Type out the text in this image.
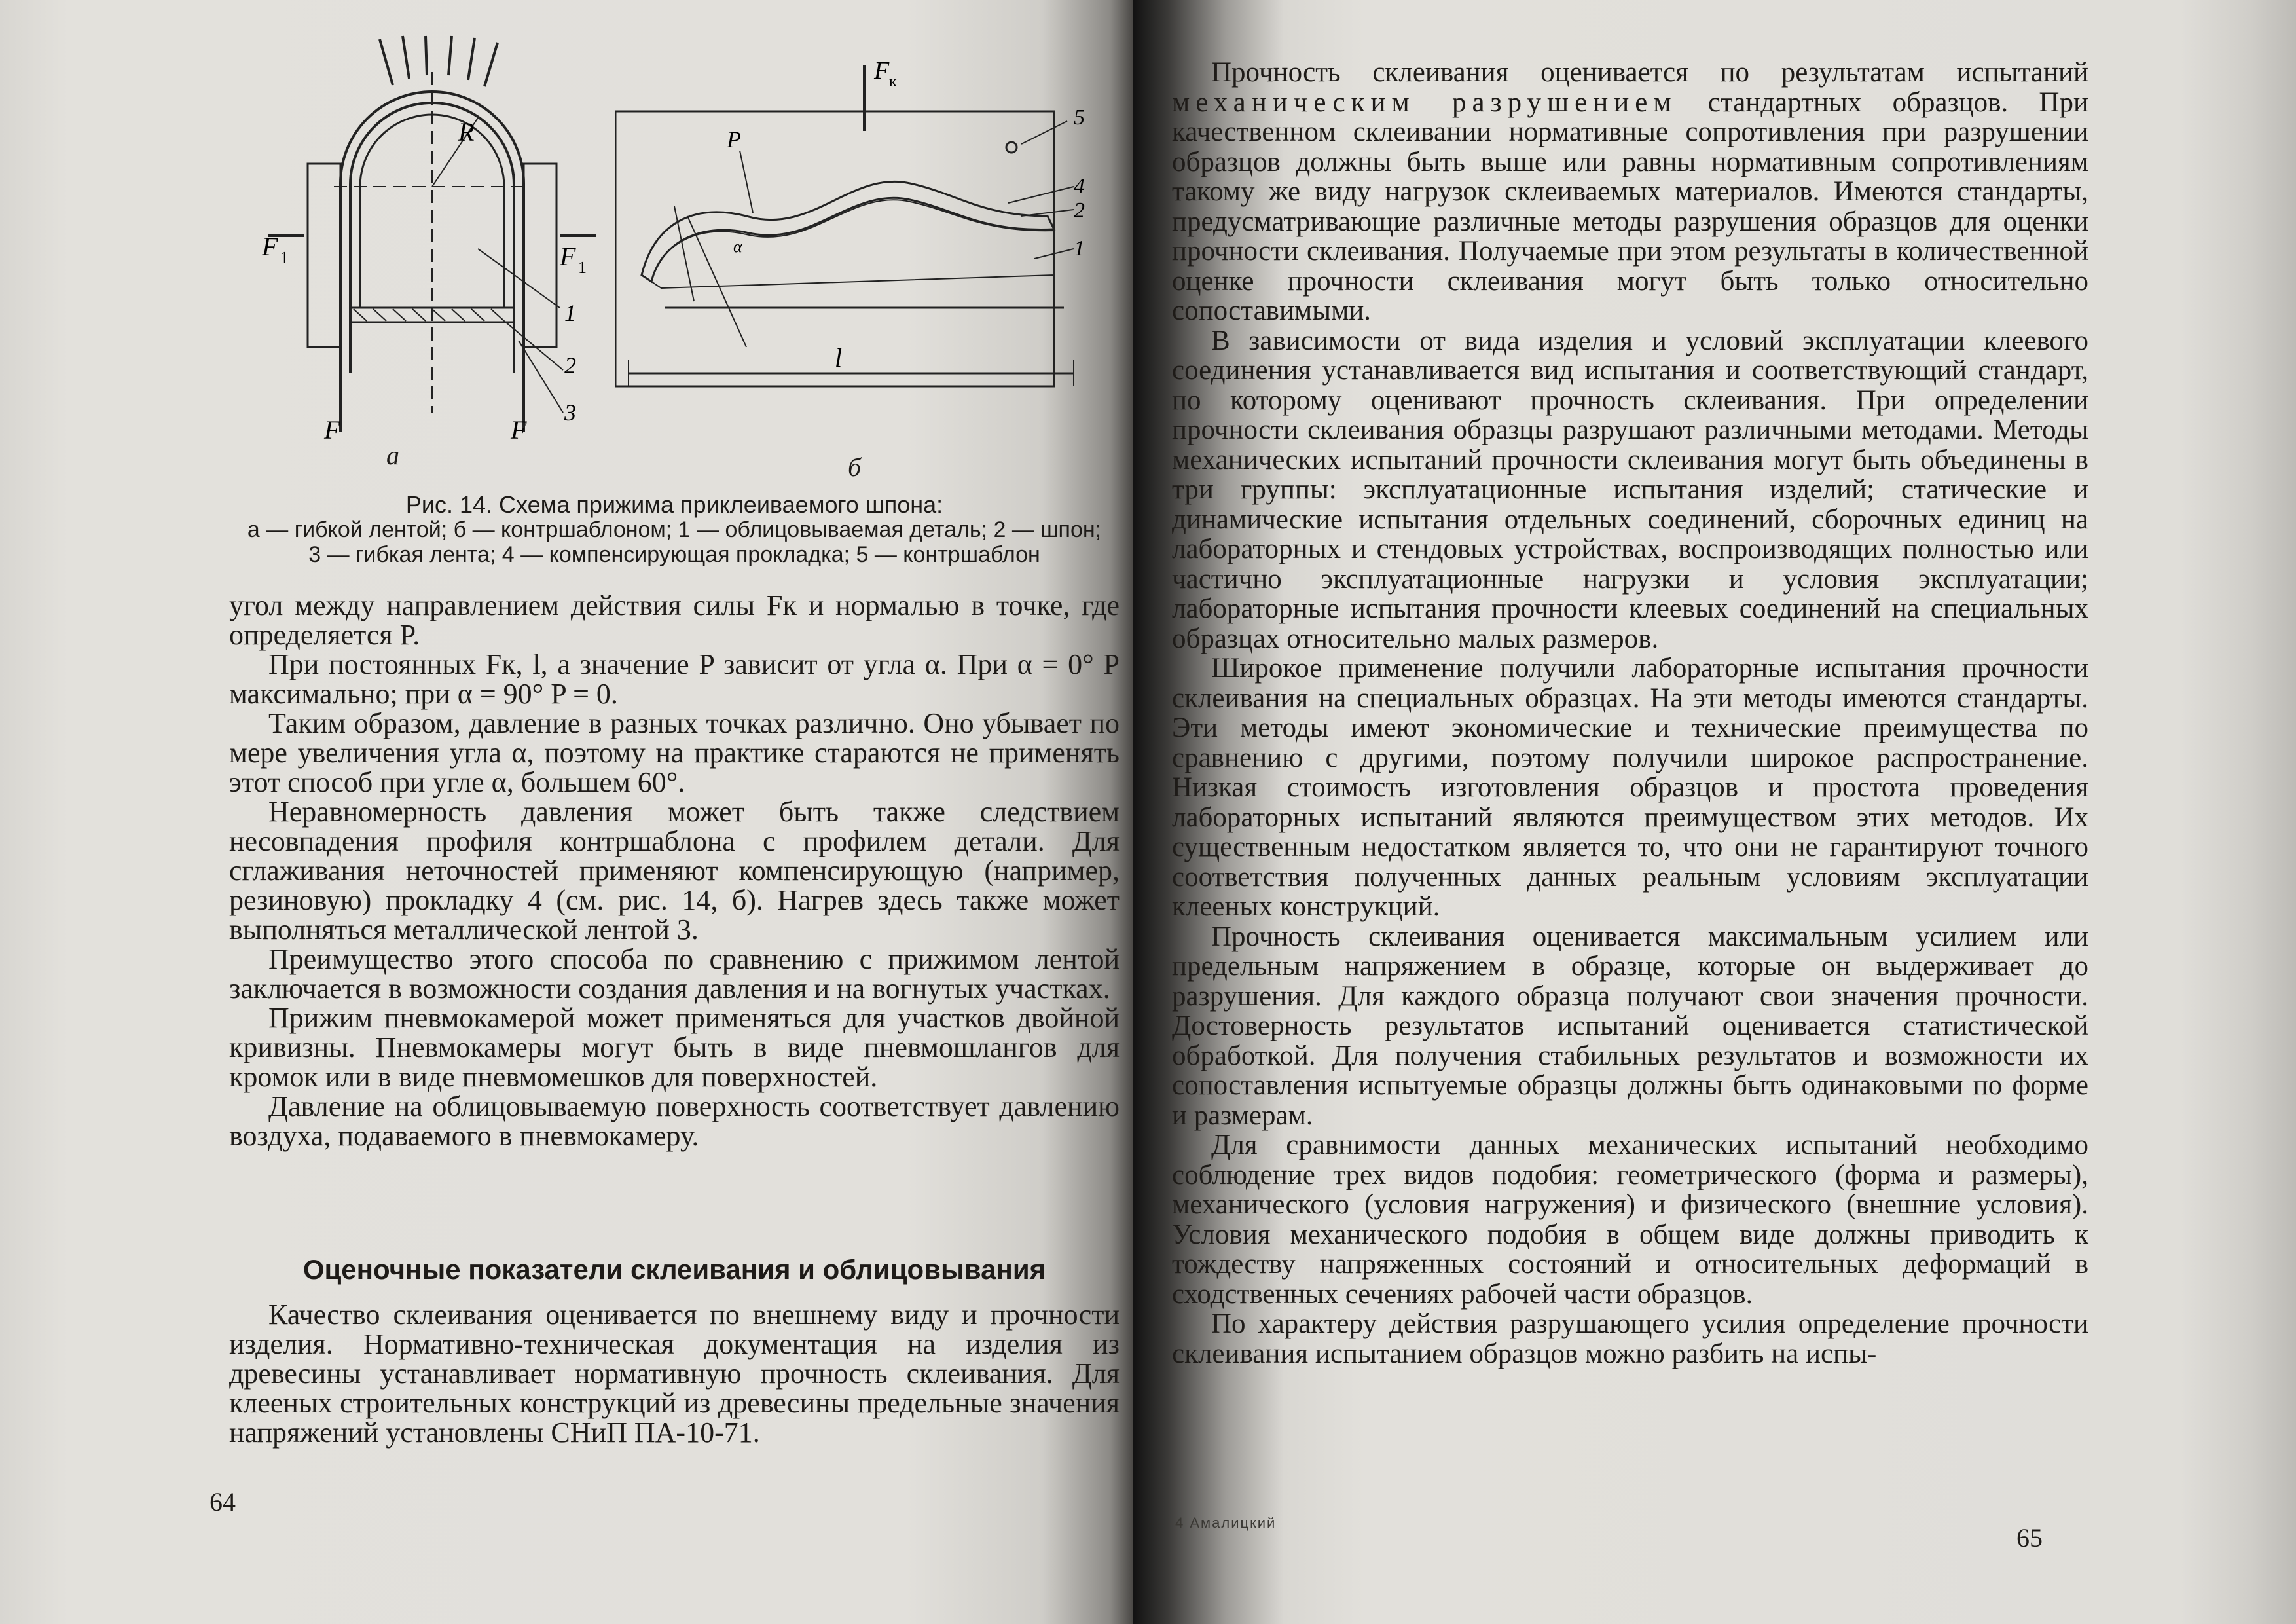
F 1	F 1
R
F	F
1
2
3
а
F к
P
α
l
5
4
2
1
б
Рис. 14. Схема прижима приклеиваемого шпона:
а — гибкой лентой; б — контршаблоном; 1 — облицовываемая деталь; 2 — шпон;
3 — гибкая лента; 4 — компенсирующая прокладка; 5 — контршаблон

угол между направлением действия силы Fк и нормалью в точке, где определяется P.

При постоянных Fк, l, a значение P зависит от угла α. При α = 0° P максимально; при α = 90° P = 0.

Таким образом, давление в разных точках различно. Оно убывает по мере увеличения угла α, поэтому на практике стараются не применять этот способ при угле α, большем 60°.

Неравномерность давления может быть также следствием несовпадения профиля контршаблона с профилем детали. Для сглаживания неточностей применяют компенсирующую (например, резиновую) прокладку 4 (см. рис. 14, б). Нагрев здесь также может выполняться металлической лентой 3.

Преимущество этого способа по сравнению с прижимом лентой заключается в возможности создания давления и на вогнутых участках.

Прижим пневмокамерой может применяться для участков двойной кривизны. Пневмокамеры могут быть в виде пневмошлангов для кромок или в виде пневмомешков для поверхностей.

Давление на облицовываемую поверхность соответствует давлению воздуха, подаваемого в пневмокамеру.

Оценочные показатели склеивания и облицовывания

Качество склеивания оценивается по внешнему виду и прочности изделия. Нормативно-техническая документация на изделия из древесины устанавливает нормативную прочность склеивания. Для клееных строительных конструкций из древесины предельные значения напряжений установлены СНиП ПА-10-71.

64

Прочность склеивания оценивается по результатам испытаний механическим разрушением стандартных образцов. При качественном склеивании нормативные сопротивления при разрушении образцов должны быть выше или равны нормативным сопротивлениям такому же виду нагрузок склеиваемых материалов. Имеются стандарты, предусматривающие различные методы разрушения образцов для оценки прочности склеивания. Получаемые при этом результаты в количественной оценке прочности склеивания могут быть только относительно сопоставимыми.

В зависимости от вида изделия и условий эксплуатации клеевого соединения устанавливается вид испытания и соответствующий стандарт, по которому оценивают прочность склеивания. При определении прочности склеивания образцы разрушают различными методами. Методы механических испытаний прочности склеивания могут быть объединены в три группы: эксплуатационные испытания изделий; статические и динамические испытания отдельных соединений, сборочных единиц на лабораторных и стендовых устройствах, воспроизводящих полностью или частично эксплуатационные нагрузки и условия эксплуатации; лабораторные испытания прочности клеевых соединений на специальных образцах относительно малых размеров.

Широкое применение получили лабораторные испытания прочности склеивания на специальных образцах. На эти методы имеются стандарты. Эти методы имеют экономические и технические преимущества по сравнению с другими, поэтому получили широкое распространение. Низкая стоимость изготовления образцов и простота проведения лабораторных испытаний являются преимуществом этих методов. Их существенным недостатком является то, что они не гарантируют точного соответствия полученных данных реальным условиям эксплуатации клееных конструкций.

Прочность склеивания оценивается максимальным усилием или предельным напряжением в образце, которые он выдерживает до разрушения. Для каждого образца получают свои значения прочности. Достоверность результатов испытаний оценивается статистической обработкой. Для получения стабильных результатов и возможности их сопоставления испытуемые образцы должны быть одинаковыми по форме и размерам.

Для сравнимости данных механических испытаний необходимо соблюдение трех видов подобия: геометрического (форма и размеры), механического (условия нагружения) и физического (внешние условия). Условия механического подобия в общем виде должны приводить к тождеству напряженных состояний и относительных деформаций в сходственных сечениях рабочей части образцов.

По характеру действия разрушающего усилия определение прочности склеивания испытанием образцов можно разбить на испы-

4 Амалицкий
65
